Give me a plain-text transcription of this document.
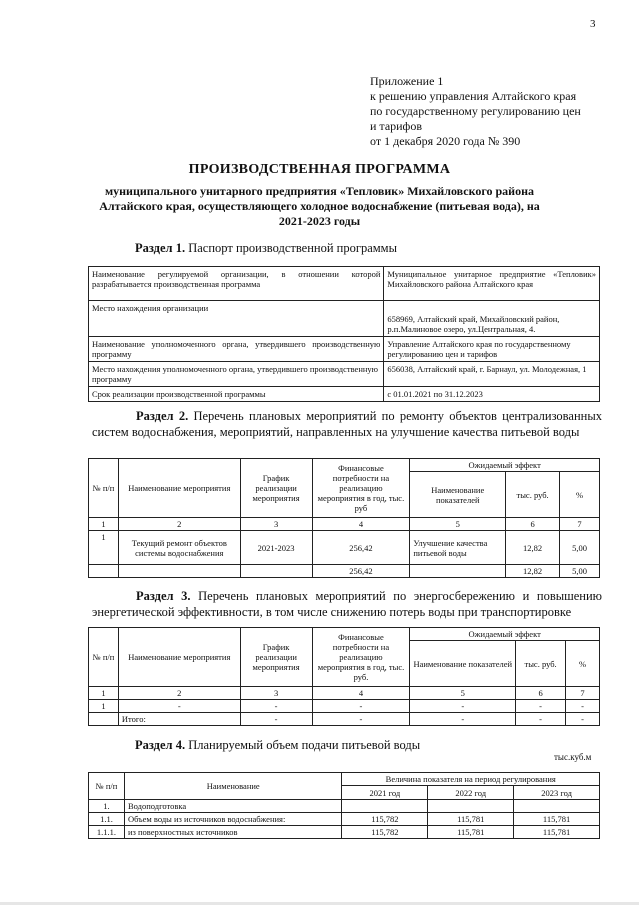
3
Приложение 1
к решению управления Алтайского края
по государственному регулированию цен
и тарифов
от 1 декабря 2020 года № 390
ПРОИЗВОДСТВЕННАЯ ПРОГРАММА
муниципального унитарного предприятия «Тепловик» Михайловского района
Алтайского края, осуществляющего холодное водоснабжение (питьевая вода), на
2021-2023 годы
Раздел 1. Паспорт производственной программы
Наименование регулируемой организации, в отношении которой разрабатывается производственная программа	Муниципальное унитарное предприятие «Тепловик» Михайловского района Алтайского края
Место нахождения организации	658969, Алтайский край, Михайловский район, р.п.Малиновое озеро, ул.Центральная, 4.
Наименование уполномоченного органа, утвердившего производственную программу	Управление Алтайского края по государственному регулированию цен и тарифов
Место нахождения уполномоченного органа, утвердившего производственную программу	656038, Алтайский край, г. Барнаул, ул. Молодежная, 1
Срок реализации производственной программы	с 01.01.2021 по 31.12.2023
Раздел 2. Перечень плановых мероприятий по ремонту объектов централизованных систем водоснабжения, мероприятий, направленных на улучшение качества питьевой воды
№ п/п	Наименование мероприятия	График реализации мероприятия	Финансовые потребности на реализацию мероприятия в год, тыс. руб	Ожидаемый эффект		
				Наименование показателей	тыс. руб.	%
1	2	3	4	5	6	7
1	Текущий ремонт объектов системы водоснабжения	2021-2023	256,42	Улучшение качества питьевой воды	12,82	5,00
			256,42		12,82	5,00
Раздел 3. Перечень плановых мероприятий по энергосбережению и повышению энергетической эффективности, в том числе снижению потерь воды при транспортировке
№ п/п	Наименование мероприятия	График реализации мероприятия	Финансовые потребности на реализацию мероприятия в год, тыс. руб.	Ожидаемый эффект		
				Наименование показателей	тыс. руб.	%
1	2	3	4	5	6	7
1	-	-	-	-	-	-
	Итого:	-	-	-	-	-
Раздел 4. Планируемый объем подачи питьевой воды
тыс.куб.м
№ п/п	Наименование	Величина показателя на период регулирования		
		2021 год	2022 год	2023 год
1.	Водоподготовка			
1.1.	Объем воды из источников водоснабжения:	115,782	115,781	115,781
1.1.1.	из поверхностных источников	115,782	115,781	115,781
